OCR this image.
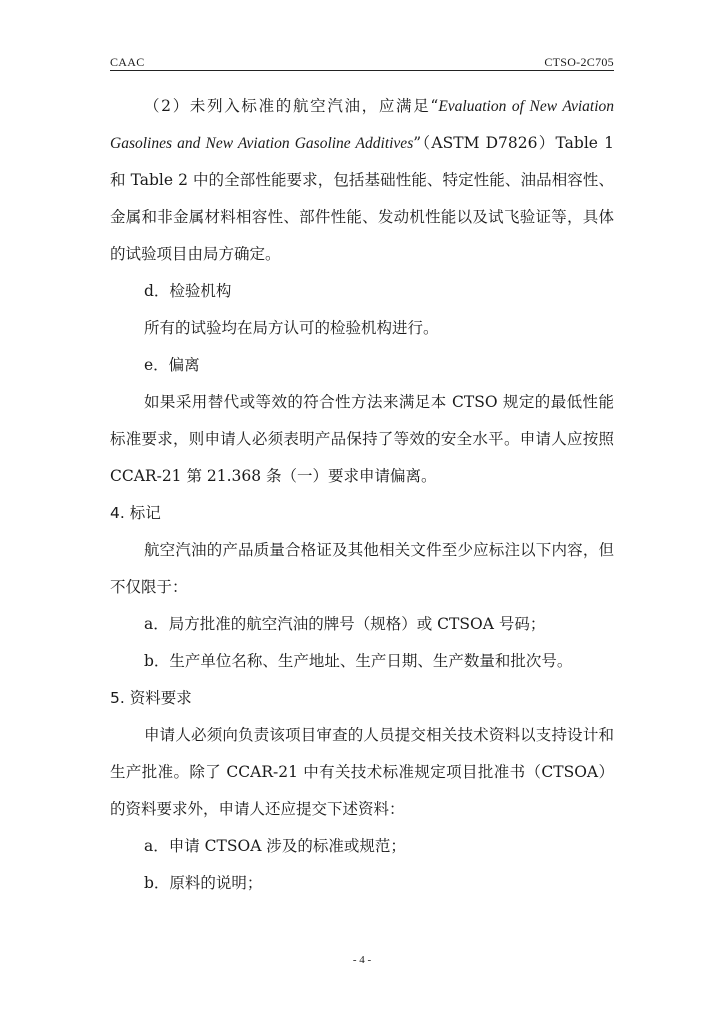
CAAC	CTSO-2C705

（2）未列入标准的航空汽油，应满足“Evaluation of New Aviation Gasolines and New Aviation Gasoline Additives”（ASTM D7826）Table 1 和 Table 2 中的全部性能要求，包括基础性能、特定性能、油品相容性、金属和非金属材料相容性、部件性能、发动机性能以及试飞验证等，具体的试验项目由局方确定。

d．检验机构

所有的试验均在局方认可的检验机构进行。

e．偏离

如果采用替代或等效的符合性方法来满足本 CTSO 规定的最低性能标准要求，则申请人必须表明产品保持了等效的安全水平。申请人应按照 CCAR-21 第 21.368 条（一）要求申请偏离。

4. 标记

航空汽油的产品质量合格证及其他相关文件至少应标注以下内容，但不仅限于：

a．局方批准的航空汽油的牌号（规格）或 CTSOA 号码；

b．生产单位名称、生产地址、生产日期、生产数量和批次号。

5. 资料要求

申请人必须向负责该项目审查的人员提交相关技术资料以支持设计和生产批准。除了 CCAR-21 中有关技术标准规定项目批准书（CTSOA）的资料要求外，申请人还应提交下述资料：

a．申请 CTSOA 涉及的标准或规范；

b．原料的说明；

- 4 -
